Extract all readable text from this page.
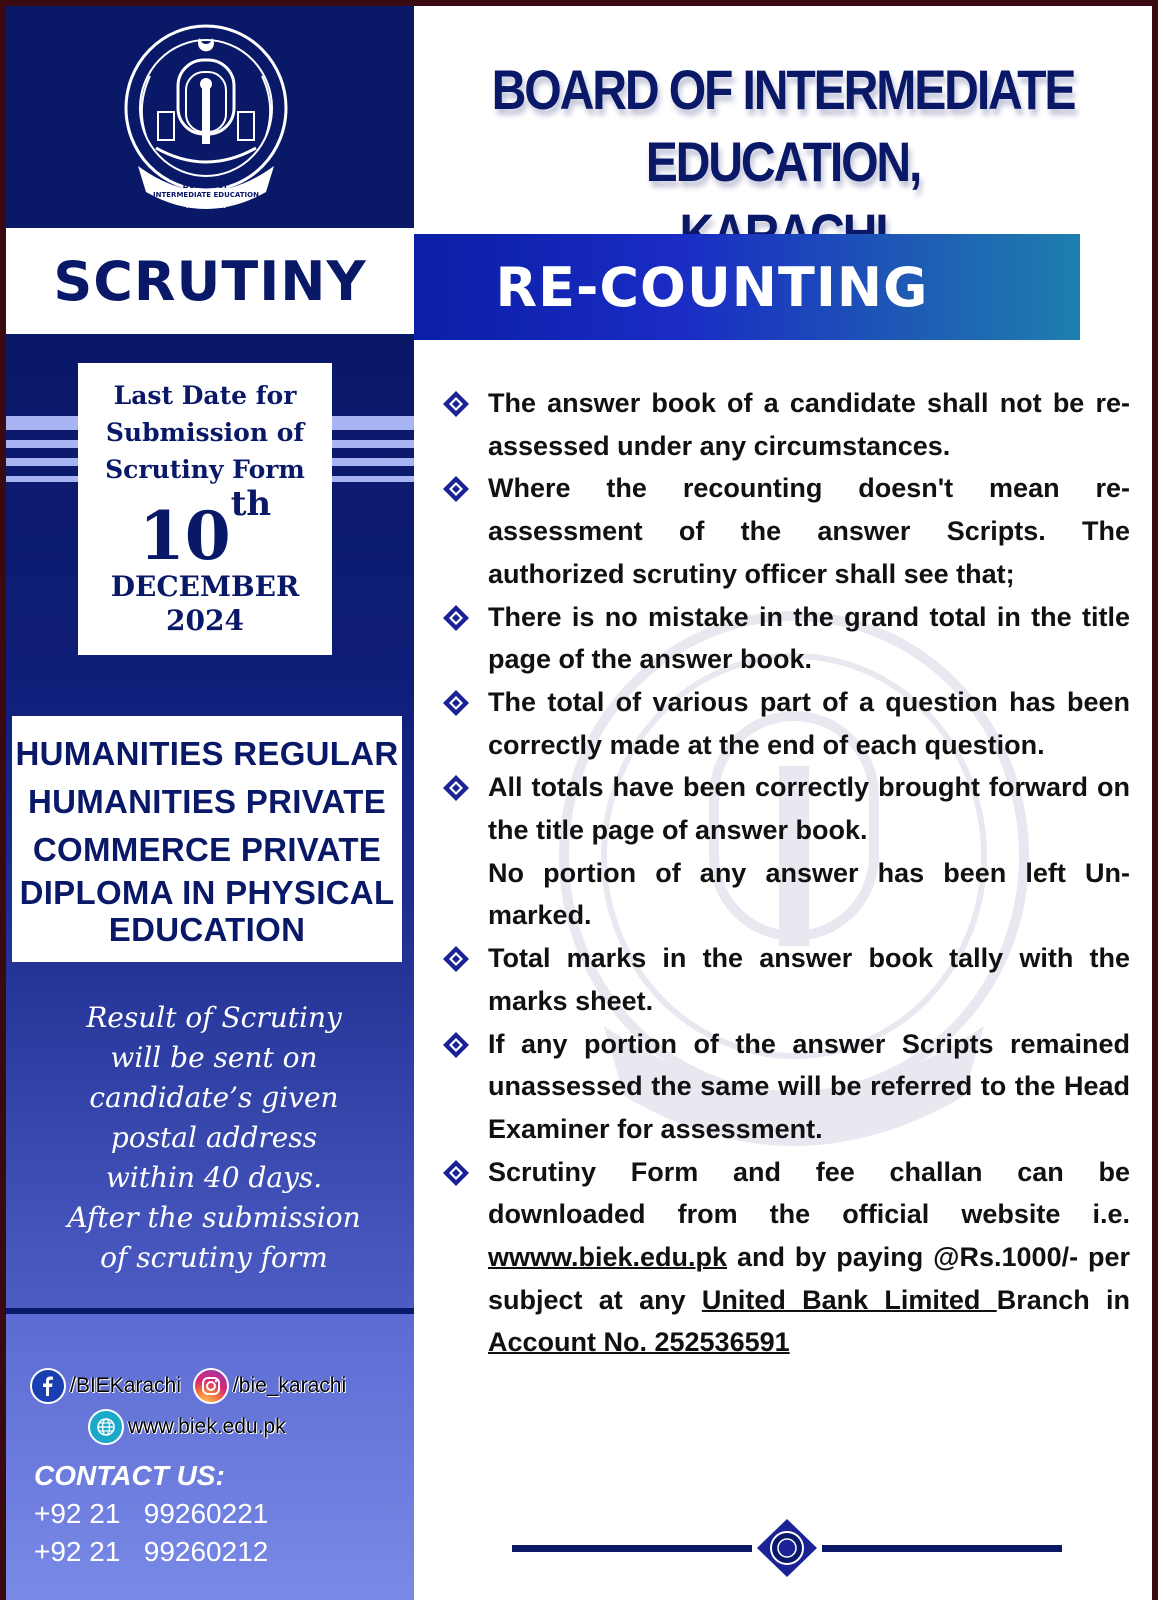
BOARD OF
INTERMEDIATE EDUCATION
KARACHI
SCRUTINY
Last Date for
Submission of
Scrutiny Form
10th
DECEMBER
2024
HUMANITIES REGULAR
HUMANITIES PRIVATE
COMMERCE PRIVATE
DIPLOMA IN PHYSICAL
EDUCATION
Result of Scrutiny
will be sent on
candidate’s given
postal address
within 40 days.
After the submission
of scrutiny form
/BIEKarachi /bie_karachi
www.biek.edu.pk
CONTACT US:
+92 21   99260221
+92 21   99260212
BOARD OF INTERMEDIATE EDUCATION,
RE-COUNTING
The answer book of a candidate shall not be re-assessed under any circumstances.
Where the recounting doesn't mean re-assessment of the answer Scripts. The authorized scrutiny officer shall see that;
There is no mistake in the grand total in the title page of the answer book.
The total of various part of a question has been correctly made at the end of each question.
All totals have been correctly brought forward on the title page of answer book.
No portion of any answer has been left Un-marked.
Total marks in the answer book tally with the marks sheet.
If any portion of the answer Scripts remained unassessed the same will be referred to the Head Examiner for assessment.
Scrutiny Form and fee challan can be downloaded from the official website i.e. wwww.biek.edu.pk and by paying @Rs.1000/- per subject at any United Bank Limited Branch in Account No. 252536591
